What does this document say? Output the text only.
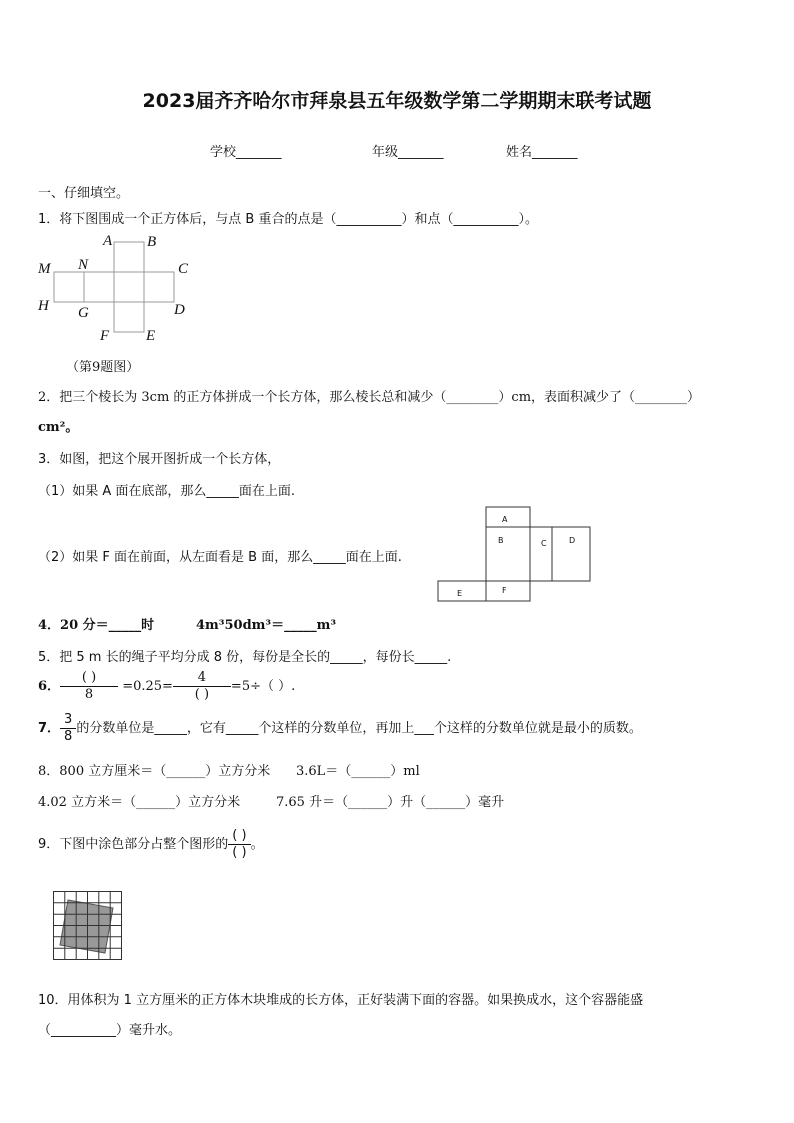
2023届齐齐哈尔市拜泉县五年级数学第二学期期末联考试题
学校_______	年级_______	姓名_______
一、仔细填空。
1．将下图围成一个正方体后，与点 B 重合的点是（__________）和点（__________）。
A B
M N	C
H G	D
F E
（第9题图）
2．把三个棱长为 3cm 的正方体拼成一个长方体，那么棱长总和减少（________）cm，表面积减少了（________）
cm²。
3．如图，把这个展开图折成一个长方体，
（1）如果 A 面在底部，那么_____面在上面.
（2）如果 F 面在前面，从左面看是 B 面，那么_____面在上面.
A
B	C	D
E	F
4．20 分＝_____时	4m³50dm³＝_____m³
5．把 5 m 长的绳子平均分成 8 份，每份是全长的_____，每份长_____.
6． $\frac{( )}{8} =0.25= \frac{4}{( )} =5\div$（ ）.
7． $\frac{3}{8}$ 的分数单位是_____，它有_____个这样的分数单位，再加上___个这样的分数单位就是最小的质数。
8．800 立方厘米＝（______）立方分米 3.6L＝（______）ml
4.02 立方米＝（______）立方分米	7.65 升＝（______）升（______）毫升
9．下图中涂色部分占整个图形的 $\frac{( )}{( )}$ 。
10．用体积为 1 立方厘米的正方体木块堆成的长方体，正好装满下面的容器。如果换成水，这个容器能盛
（__________）毫升水。
